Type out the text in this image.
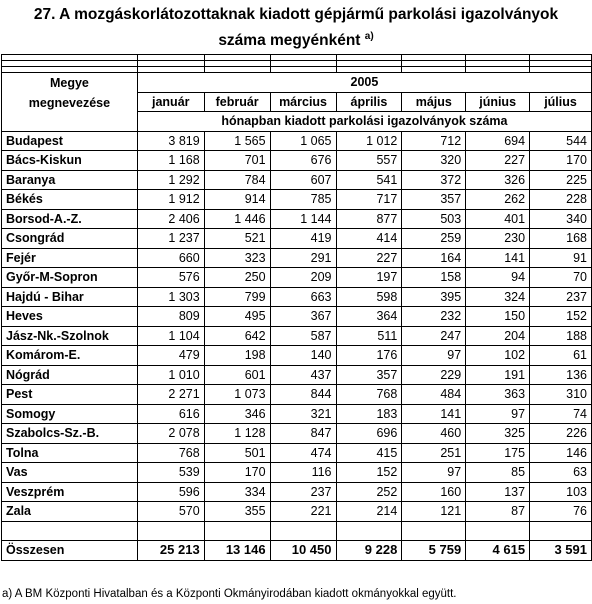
27. A mozgáskorlátozottaknak kiadott gépjármű parkolási igazolványok
száma megyénként $^{a)}$

Megye
megnevezése	2005						
	január	február	március	április	május	június	július
	hónapban kiadott parkolási igazolványok száma						
Budapest	3 819	1 565	1 065	1 012	712	694	544
Bács-Kiskun	1 168	701	676	557	320	227	170
Baranya	1 292	784	607	541	372	326	225
Békés	1 912	914	785	717	357	262	228
Borsod-A.-Z.	2 406	1 446	1 144	877	503	401	340
Csongrád	1 237	521	419	414	259	230	168
Fejér	660	323	291	227	164	141	91
Győr-M-Sopron	576	250	209	197	158	94	70
Hajdú - Bihar	1 303	799	663	598	395	324	237
Heves	809	495	367	364	232	150	152
Jász-Nk.-Szolnok	1 104	642	587	511	247	204	188
Komárom-E.	479	198	140	176	97	102	61
Nógrád	1 010	601	437	357	229	191	136
Pest	2 271	1 073	844	768	484	363	310
Somogy	616	346	321	183	141	97	74
Szabolcs-Sz.-B.	2 078	1 128	847	696	460	325	226
Tolna	768	501	474	415	251	175	146
Vas	539	170	116	152	97	85	63
Veszprém	596	334	237	252	160	137	103
Zala	570	355	221	214	121	87	76

Összesen	25 213	13 146	10 450	9 228	5 759	4 615	3 591
a) A BM Központi Hivatalban és a Központi Okmányirodában kiadott okmányokkal együtt.
